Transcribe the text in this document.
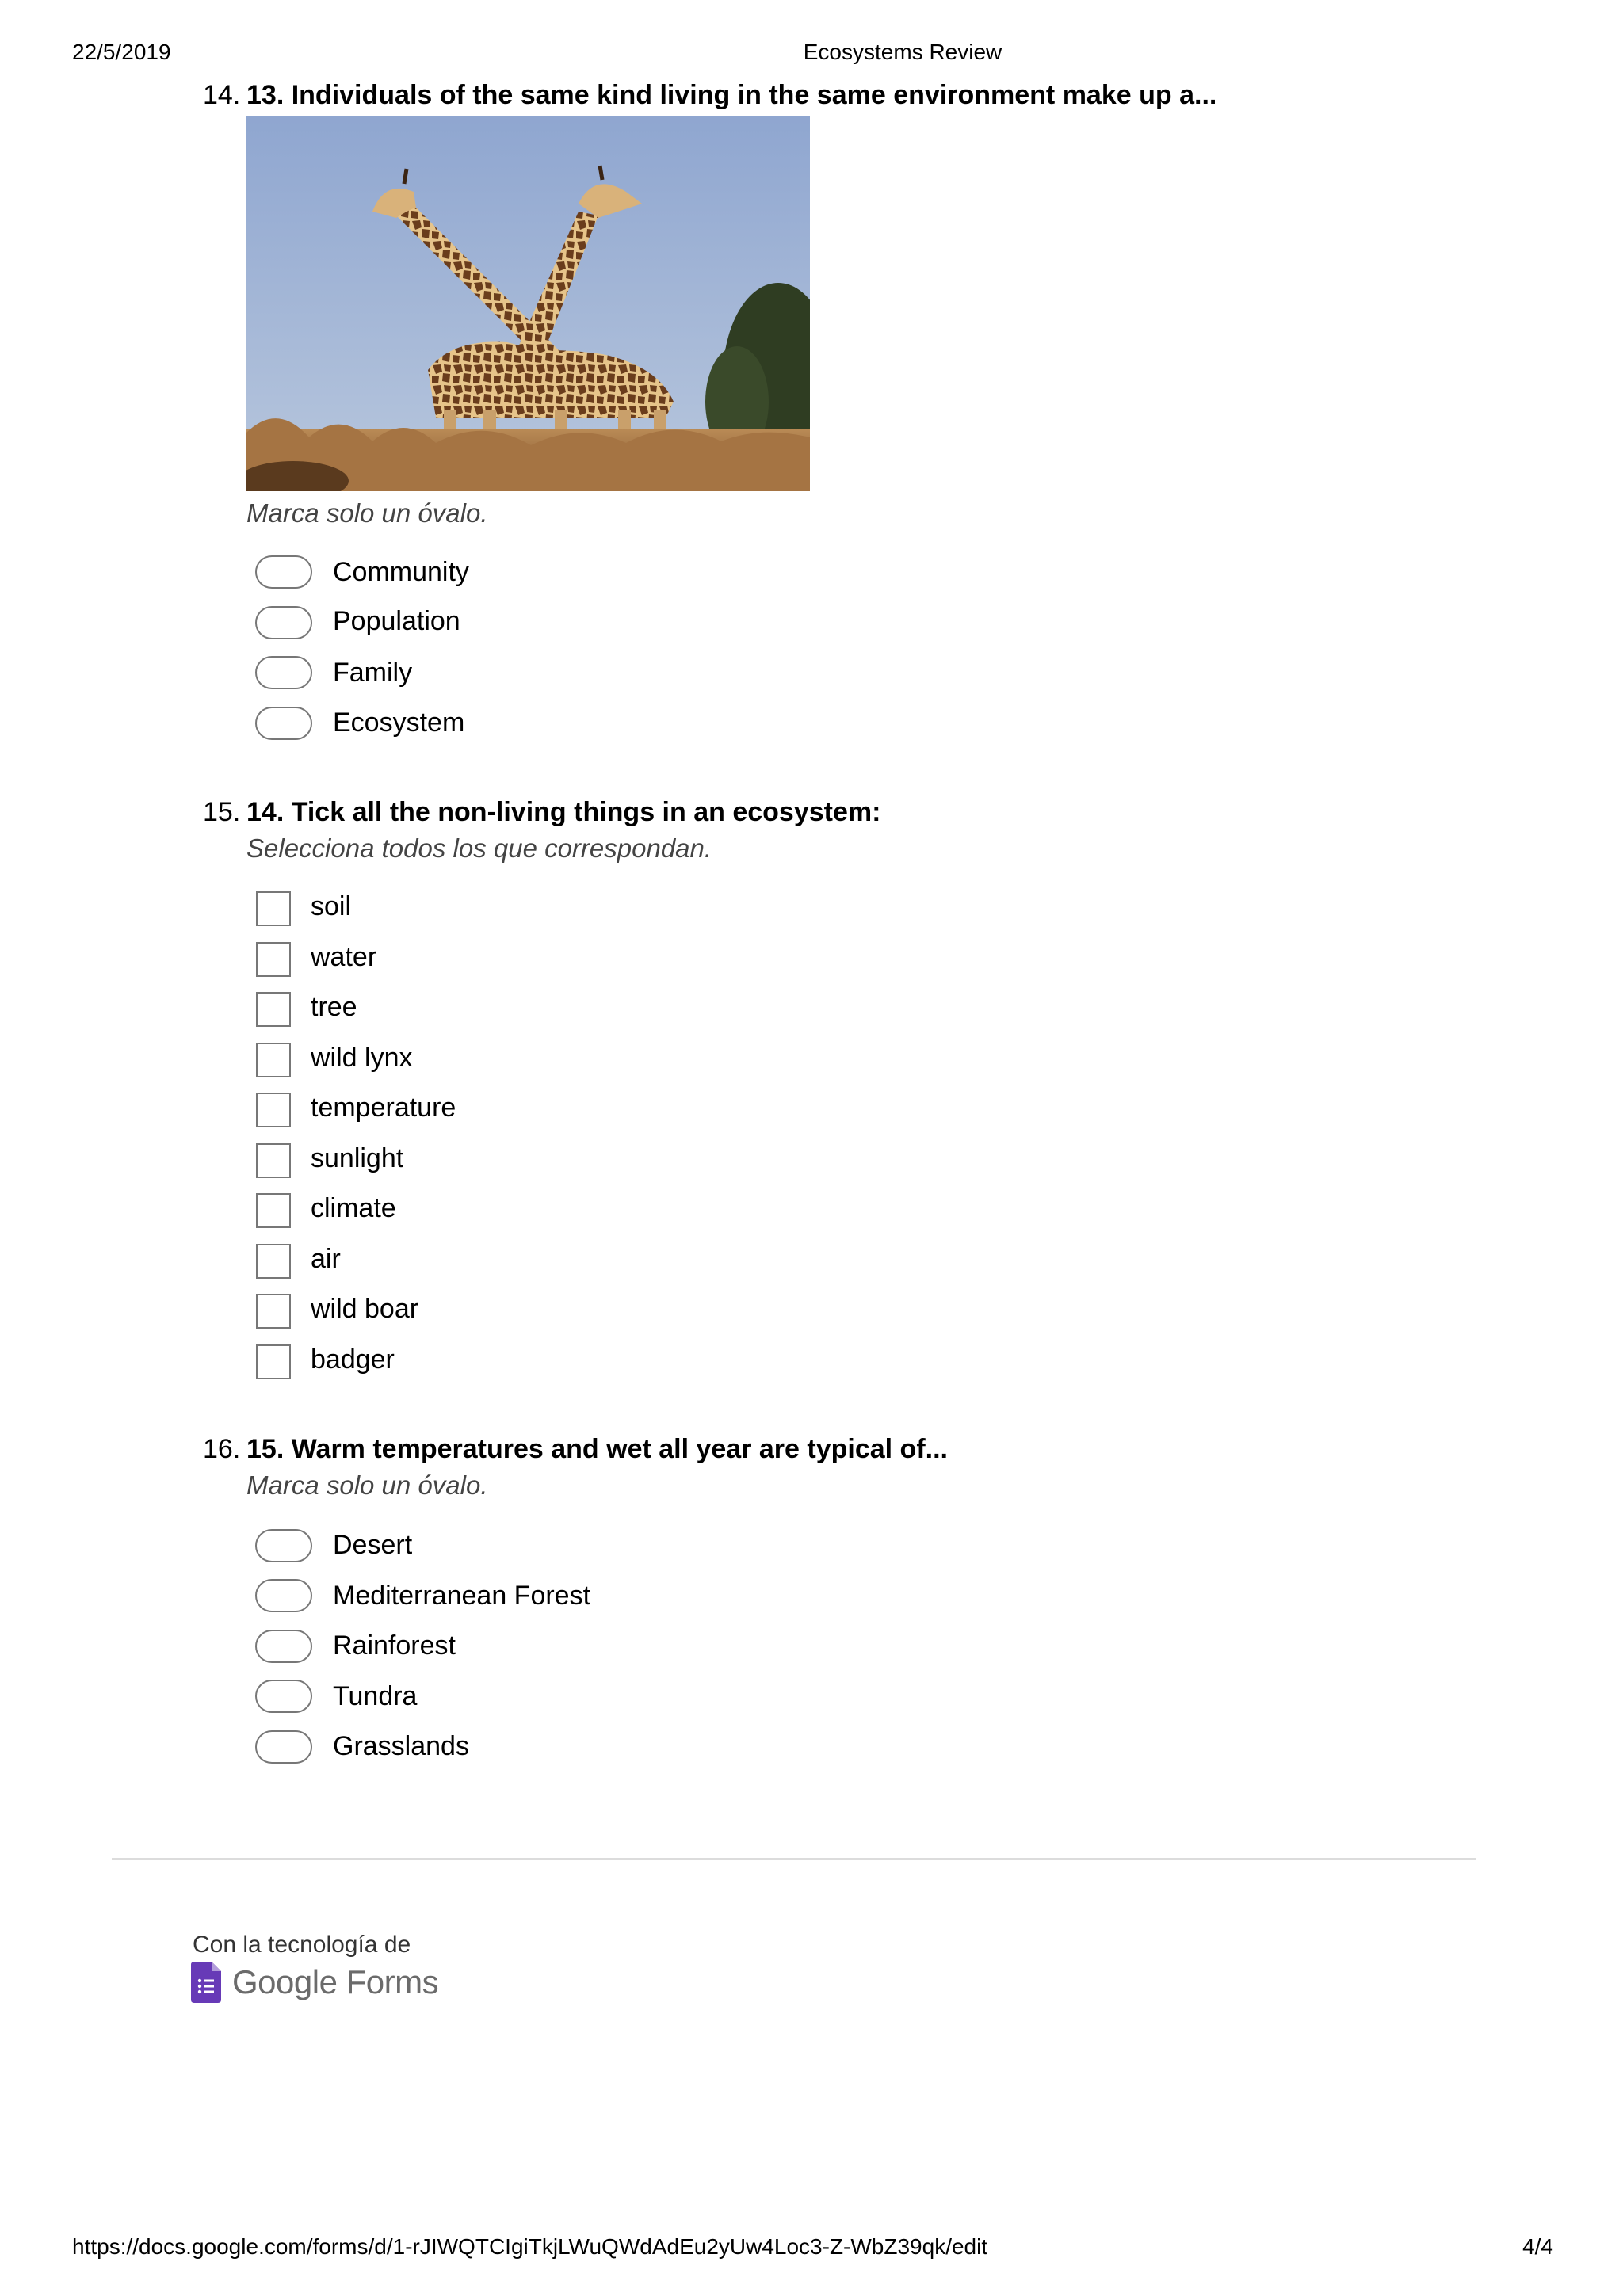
22/5/2019	Ecosystems Review
14. 13. Individuals of the same kind living in the same environment make up a...
Marca solo un óvalo.
Community
Population
Family
Ecosystem
15. 14. Tick all the non-living things in an ecosystem:
Selecciona todos los que correspondan.
soil
water
tree
wild lynx
temperature
sunlight
climate
air
wild boar
badger
16. 15. Warm temperatures and wet all year are typical of...
Marca solo un óvalo.
Desert
Mediterranean Forest
Rainforest
Tundra
Grasslands
Con la tecnología de
Google Forms
https://docs.google.com/forms/d/1-rJIWQTCIgiTkjLWuQWdAdEu2yUw4Loc3-Z-WbZ39qk/edit	4/4
